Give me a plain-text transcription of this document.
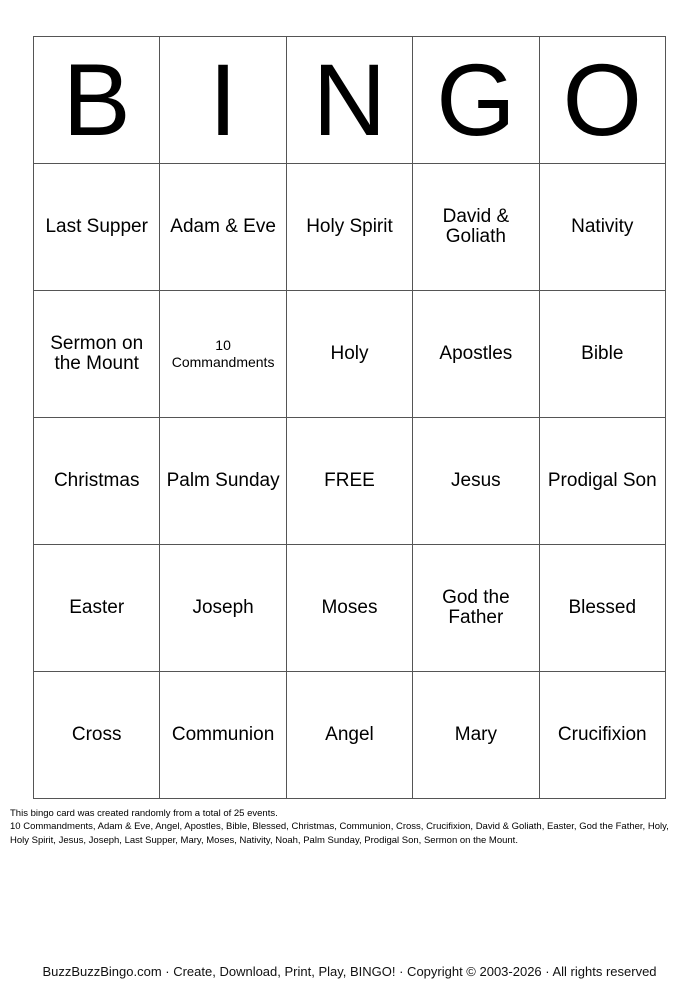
B	I	N	G	O
Last Supper	Adam & Eve	Holy Spirit	David & Goliath	Nativity
Sermon on the Mount	10 Commandments	Holy	Apostles	Bible
Christmas	Palm Sunday	FREE	Jesus	Prodigal Son
Easter	Joseph	Moses	God the Father	Blessed
Cross	Communion	Angel	Mary	Crucifixion

This bingo card was created randomly from a total of 25 events.

10 Commandments, Adam & Eve, Angel, Apostles, Bible, Blessed, Christmas, Communion, Cross, Crucifixion, David & Goliath, Easter, God the Father, Holy, Holy Spirit, Jesus, Joseph, Last Supper, Mary, Moses, Nativity, Noah, Palm Sunday, Prodigal Son, Sermon on the Mount.

BuzzBuzzBingo.com · Create, Download, Print, Play, BINGO! · Copyright © 2003-2026 · All rights reserved
